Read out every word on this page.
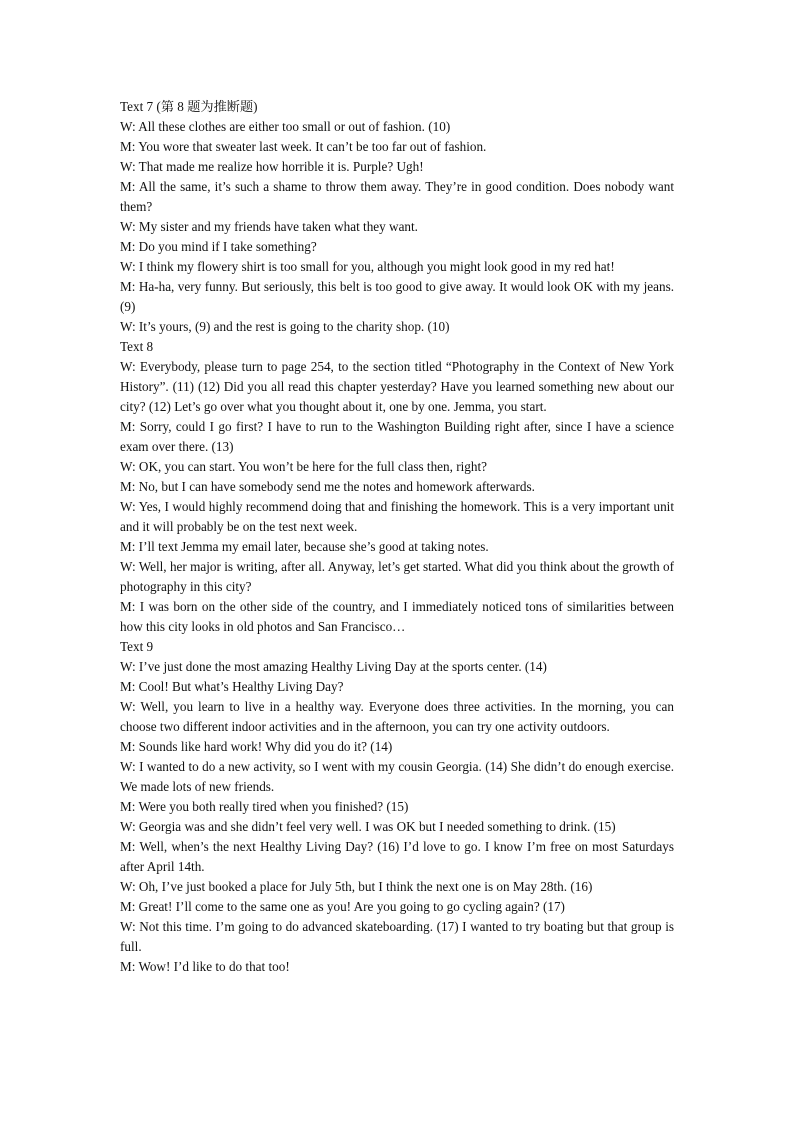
Text 7 (第 8 题为推断题)

W: All these clothes are either too small or out of fashion. (10)

M: You wore that sweater last week. It can’t be too far out of fashion.

W: That made me realize how horrible it is. Purple? Ugh!

M: All the same, it’s such a shame to throw them away. They’re in good condition. Does nobody want them?

W: My sister and my friends have taken what they want.

M: Do you mind if I take something?

W: I think my flowery shirt is too small for you, although you might look good in my red hat!

M: Ha-ha, very funny. But seriously, this belt is too good to give away. It would look OK with my jeans. (9)

W: It’s yours, (9) and the rest is going to the charity shop. (10)

Text 8

W: Everybody, please turn to page 254, to the section titled “Photography in the Context of New York History”. (11) (12) Did you all read this chapter yesterday? Have you learned something new about our city? (12) Let’s go over what you thought about it, one by one. Jemma, you start.

M: Sorry, could I go first? I have to run to the Washington Building right after, since I have a science exam over there. (13)

W: OK, you can start. You won’t be here for the full class then, right?

M: No, but I can have somebody send me the notes and homework afterwards.

W: Yes, I would highly recommend doing that and finishing the homework. This is a very important unit and it will probably be on the test next week.

M: I’ll text Jemma my email later, because she’s good at taking notes.

W: Well, her major is writing, after all. Anyway, let’s get started. What did you think about the growth of photography in this city?

M: I was born on the other side of the country, and I immediately noticed tons of similarities between how this city looks in old photos and San Francisco…

Text 9

W: I’ve just done the most amazing Healthy Living Day at the sports center. (14)

M: Cool! But what’s Healthy Living Day?

W: Well, you learn to live in a healthy way. Everyone does three activities. In the morning, you can choose two different indoor activities and in the afternoon, you can try one activity outdoors.

M: Sounds like hard work! Why did you do it? (14)

W: I wanted to do a new activity, so I went with my cousin Georgia. (14) She didn’t do enough exercise. We made lots of new friends.

M: Were you both really tired when you finished? (15)

W: Georgia was and she didn’t feel very well. I was OK but I needed something to drink. (15)

M: Well, when’s the next Healthy Living Day? (16) I’d love to go. I know I’m free on most Saturdays after April 14th.

W: Oh, I’ve just booked a place for July 5th, but I think the next one is on May 28th. (16)

M: Great! I’ll come to the same one as you! Are you going to go cycling again? (17)

W: Not this time. I’m going to do advanced skateboarding. (17) I wanted to try boating but that group is full.

M: Wow! I’d like to do that too!
